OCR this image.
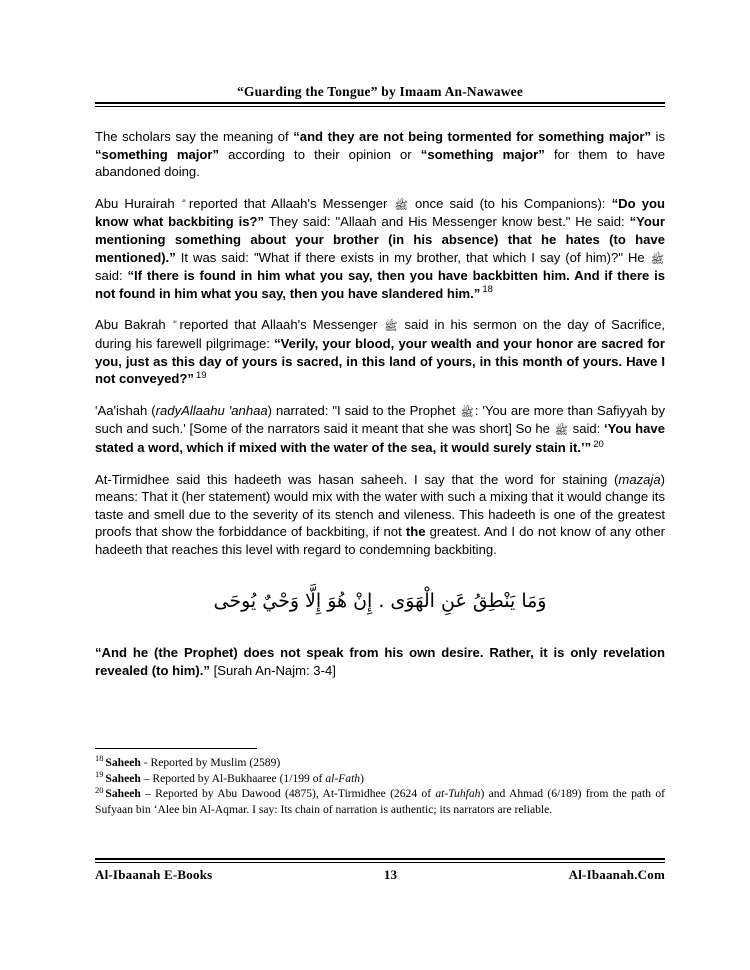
“Guarding the Tongue” by Imaam An-Nawawee

The scholars say the meaning of “and they are not being tormented for something major” is “something major” according to their opinion or “something major” for them to have abandoned doing.

Abu Hurairah  reported that Allaah's Messenger ﷺ once said (to his Companions): “Do you know what backbiting is?” They said: "Allaah and His Messenger know best." He said: “Your mentioning something about your brother (in his absence) that he hates (to have mentioned).” It was said: "What if there exists in my brother, that which I say (of him)?" He ﷺ said: “If there is found in him what you say, then you have backbitten him. And if there is not found in him what you say, then you have slandered him.” $^{18}$

Abu Bakrah  reported that Allaah's Messenger ﷺ said in his sermon on the day of Sacrifice, during his farewell pilgrimage: “Verily, your blood, your wealth and your honor are sacred for you, just as this day of yours is sacred, in this land of yours, in this month of yours. Have I not conveyed?” $^{19}$

'Aa'ishah (radyAllaahu 'anhaa) narrated: "I said to the Prophet ﷺ: 'You are more than Safiyyah by such and such.' [Some of the narrators said it meant that she was short] So he ﷺ said: ‘You have stated a word, which if mixed with the water of the sea, it would surely stain it.’” $^{20}$

At-Tirmidhee said this hadeeth was hasan saheeh. I say that the word for staining (mazaja) means: That it (her statement) would mix with the water with such a mixing that it would change its taste and smell due to the severity of its stench and vileness. This hadeeth is one of the greatest proofs that show the forbiddance of backbiting, if not the greatest. And I do not know of any other hadeeth that reaches this level with regard to condemning backbiting.

وَمَا يَنْطِقُ عَنِ الْهَوَى . إِنْ هُوَ إِلَّا وَحْيٌ يُوحَى

“And he (the Prophet) does not speak from his own desire. Rather, it is only revelation revealed (to him).” [Surah An-Najm: 3-4]

$^{18}$ Saheeh - Reported by Muslim (2589)

$^{19}$ Saheeh – Reported by Al-Bukhaaree (1/199 of al-Fath)

$^{20}$ Saheeh – Reported by Abu Dawood (4875), At-Tirmidhee (2624 of at-Tuhfah) and Ahmad (6/189) from the path of Sufyaan bin ‘Alee bin Al-Aqmar. I say: Its chain of narration is authentic; its narrators are reliable.

Al-Ibaanah E-Books	13	Al-Ibaanah.Com
